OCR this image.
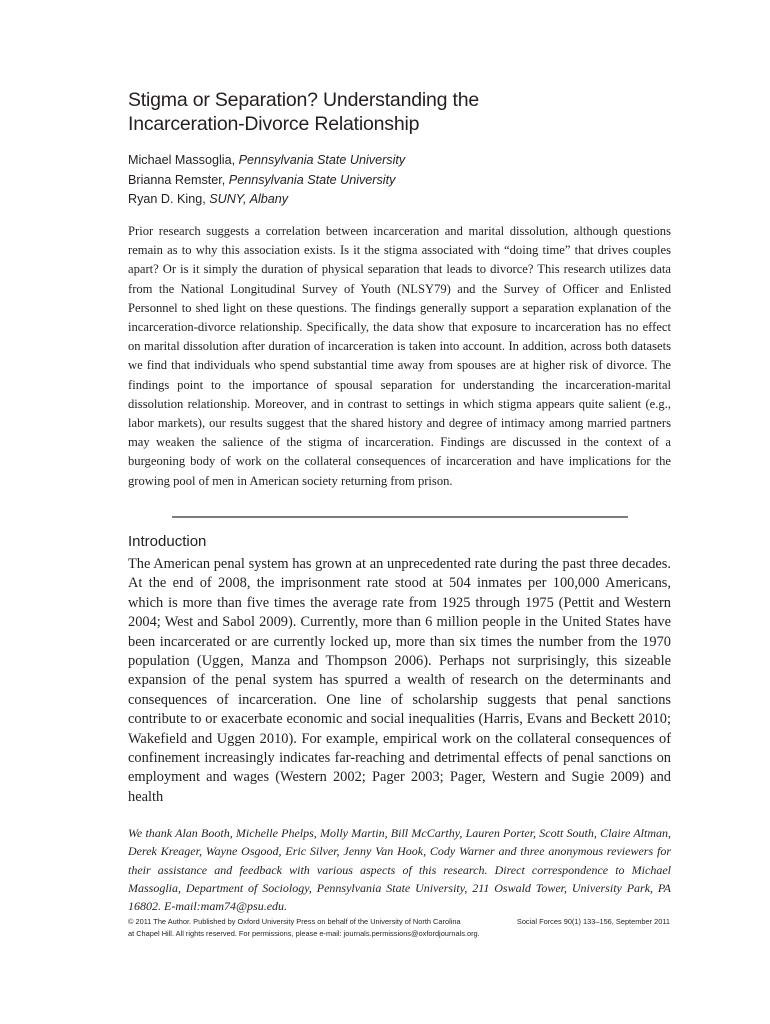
Stigma or Separation? Understanding the
Incarceration-Divorce Relationship
Michael Massoglia, Pennsylvania State University
Brianna Remster, Pennsylvania State University
Ryan D. King, SUNY, Albany

Prior research suggests a correlation between incarceration and marital dissolution, although questions remain as to why this association exists. Is it the stigma associated with “doing time” that drives couples apart? Or is it simply the duration of physical separation that leads to divorce? This research utilizes data from the National Longitudinal Survey of Youth (NLSY79) and the Survey of Officer and Enlisted Personnel to shed light on these questions. The findings generally support a separation explanation of the incarceration-divorce relationship. Specifically, the data show that exposure to incarceration has no effect on marital dissolution after duration of incarceration is taken into account. In addition, across both datasets we find that individuals who spend substantial time away from spouses are at higher risk of divorce. The findings point to the importance of spousal separation for understanding the incarceration-marital dissolution relationship. Moreover, and in contrast to settings in which stigma appears quite salient (e.g., labor markets), our results suggest that the shared history and degree of intimacy among married partners may weaken the salience of the stigma of incarceration. Findings are discussed in the context of a burgeoning body of work on the collateral consequences of incarceration and have implications for the growing pool of men in American society returning from prison.

Introduction

The American penal system has grown at an unprecedented rate during the past three decades. At the end of 2008, the imprisonment rate stood at 504 inmates per 100,000 Americans, which is more than five times the average rate from 1925 through 1975 (Pettit and Western 2004; West and Sabol 2009). Currently, more than 6 million people in the United States have been incarcerated or are currently locked up, more than six times the number from the 1970 population (Uggen, Manza and Thompson 2006). Perhaps not surprisingly, this sizeable expansion of the penal system has spurred a wealth of research on the determinants and consequences of incarceration. One line of scholarship suggests that penal sanctions contribute to or exacerbate economic and social inequalities (Harris, Evans and Beckett 2010; Wakefield and Uggen 2010). For example, empirical work on the collateral consequences of confinement increasingly indicates far-reaching and detrimental effects of penal sanctions on employment and wages (Western 2002; Pager 2003; Pager, Western and Sugie 2009) and health

We thank Alan Booth, Michelle Phelps, Molly Martin, Bill McCarthy, Lauren Porter, Scott South, Claire Altman, Derek Kreager, Wayne Osgood, Eric Silver, Jenny Van Hook, Cody Warner and three anonymous reviewers for their assistance and feedback with various aspects of this research. Direct correspondence to Michael Massoglia, Department of Sociology, Pennsylvania State University, 211 Oswald Tower, University Park, PA 16802. E-mail:mam74@psu.edu.

© 2011 The Author. Published by Oxford University Press on behalf of the University of North Carolina
at Chapel Hill. All rights reserved. For permissions, please e-mail: journals.permissions@oxfordjournals.org.
Social Forces 90(1) 133–156, September 2011
